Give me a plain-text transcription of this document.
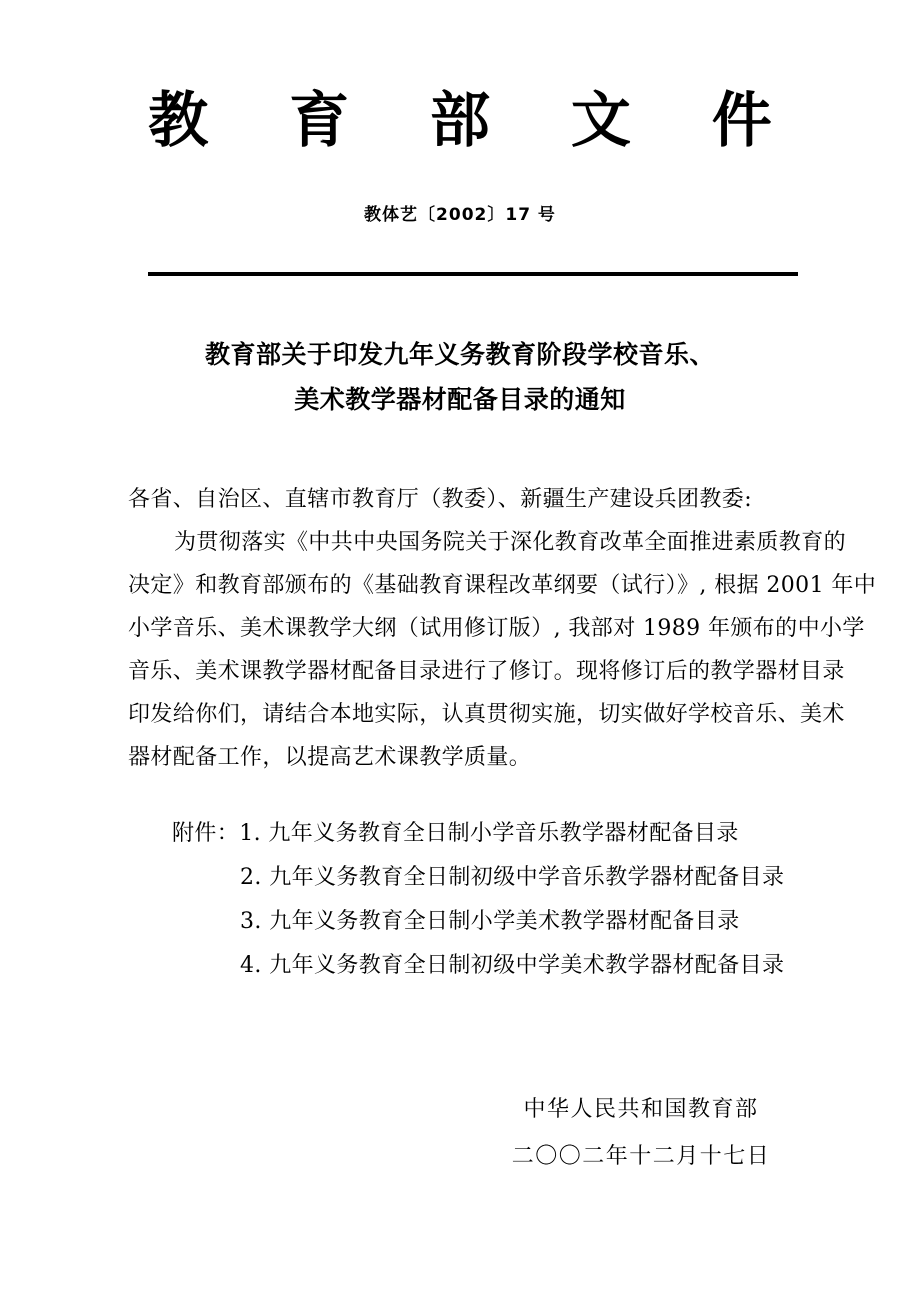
教 育 部 文 件
教体艺〔2002〕17 号
教育部关于印发九年义务教育阶段学校音乐、
美术教学器材配备目录的通知
各省、自治区、直辖市教育厅（教委）、新疆生产建设兵团教委:
为贯彻落实《中共中央国务院关于深化教育改革全面推进素质教育的
决定》和教育部颁布的《基础教育课程改革纲要（试行）》, 根据 2001 年中
小学音乐、美术课教学大纲（试用修订版）, 我部对 1989 年颁布的中小学
音乐、美术课教学器材配备目录进行了修订。现将修订后的教学器材目录
印发给你们，请结合本地实际，认真贯彻实施，切实做好学校音乐、美术
器材配备工作，以提高艺术课教学质量。
附件：1. 九年义务教育全日制小学音乐教学器材配备目录
2. 九年义务教育全日制初级中学音乐教学器材配备目录
3. 九年义务教育全日制小学美术教学器材配备目录
4. 九年义务教育全日制初级中学美术教学器材配备目录
中华人民共和国教育部
二〇〇二年十二月十七日
